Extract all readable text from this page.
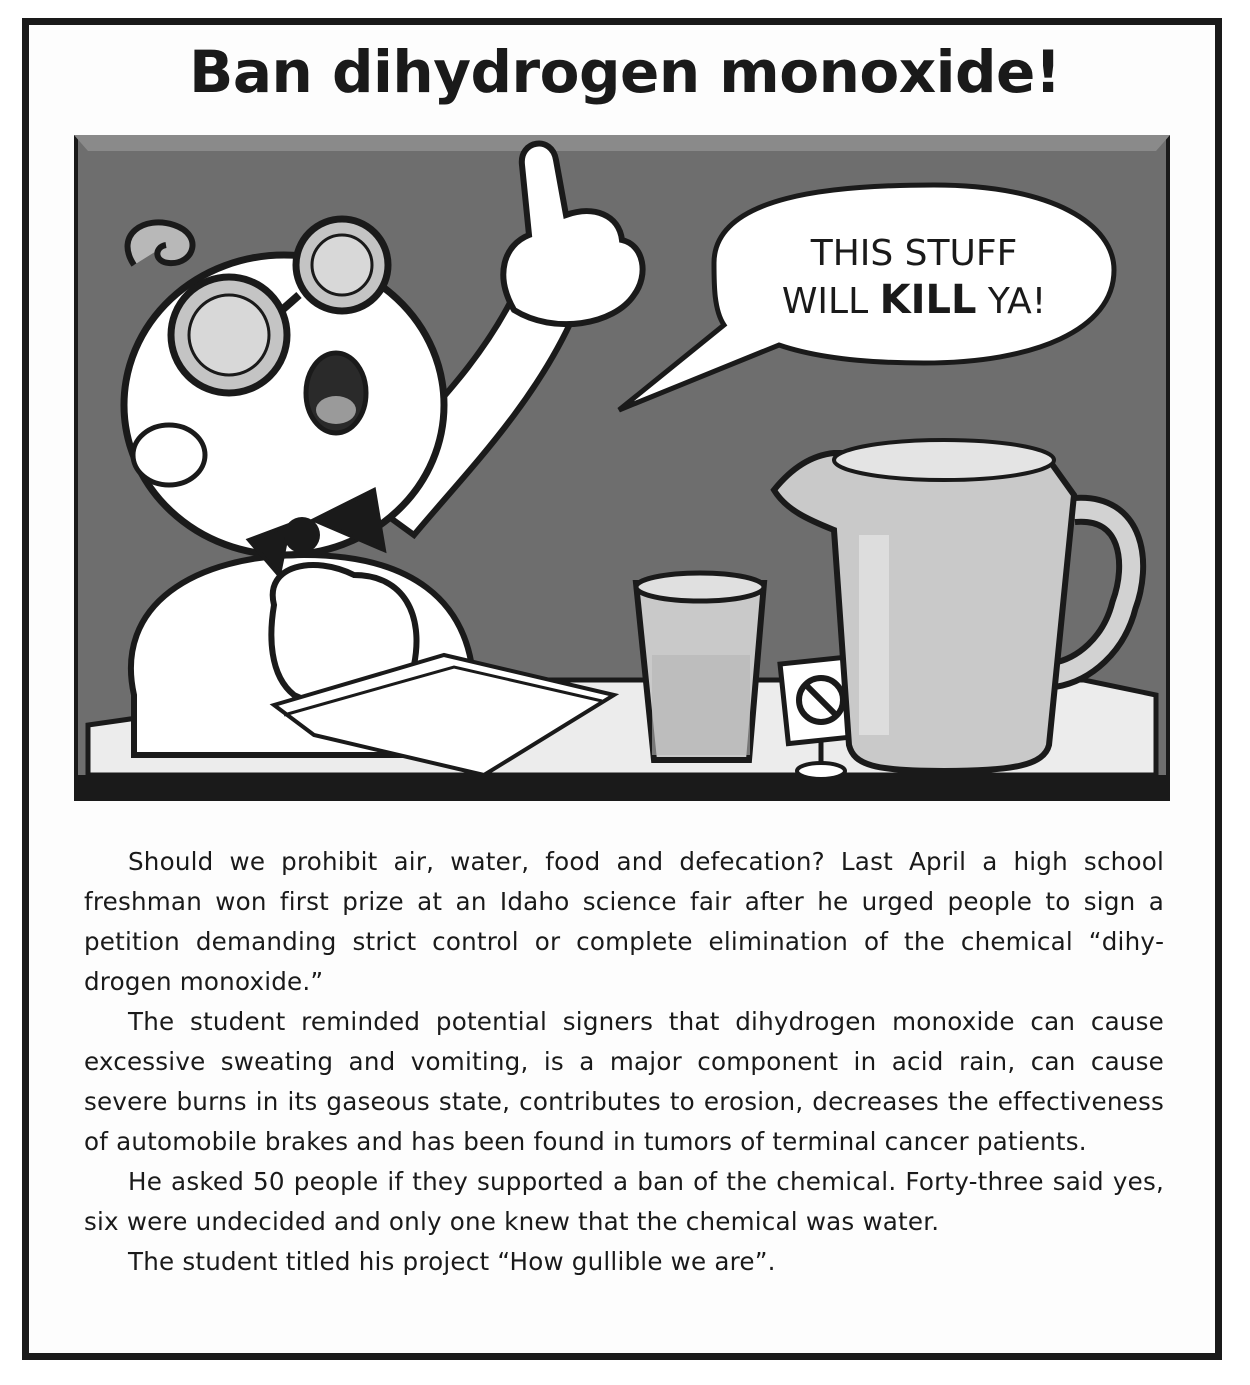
Ban dihydrogen monoxide!
THIS STUFF
WILL KILL YA!

Should we prohibit air, water, food and defecation? Last April a high school freshman won first prize at an Idaho science fair after he urged people to sign a petition demanding strict control or complete elimination of the chemical “dihydrogen monoxide.”

The student reminded potential signers that dihydrogen monoxide can cause excessive sweating and vomiting, is a major component in acid rain, can cause severe burns in its gaseous state, contributes to erosion, decreases the effectiveness of automobile brakes and has been found in tumors of terminal cancer patients.

He asked 50 people if they supported a ban of the chemical. Forty-three said yes, six were undecided and only one knew that the chemical was water.

The student titled his project “How gullible we are”.
